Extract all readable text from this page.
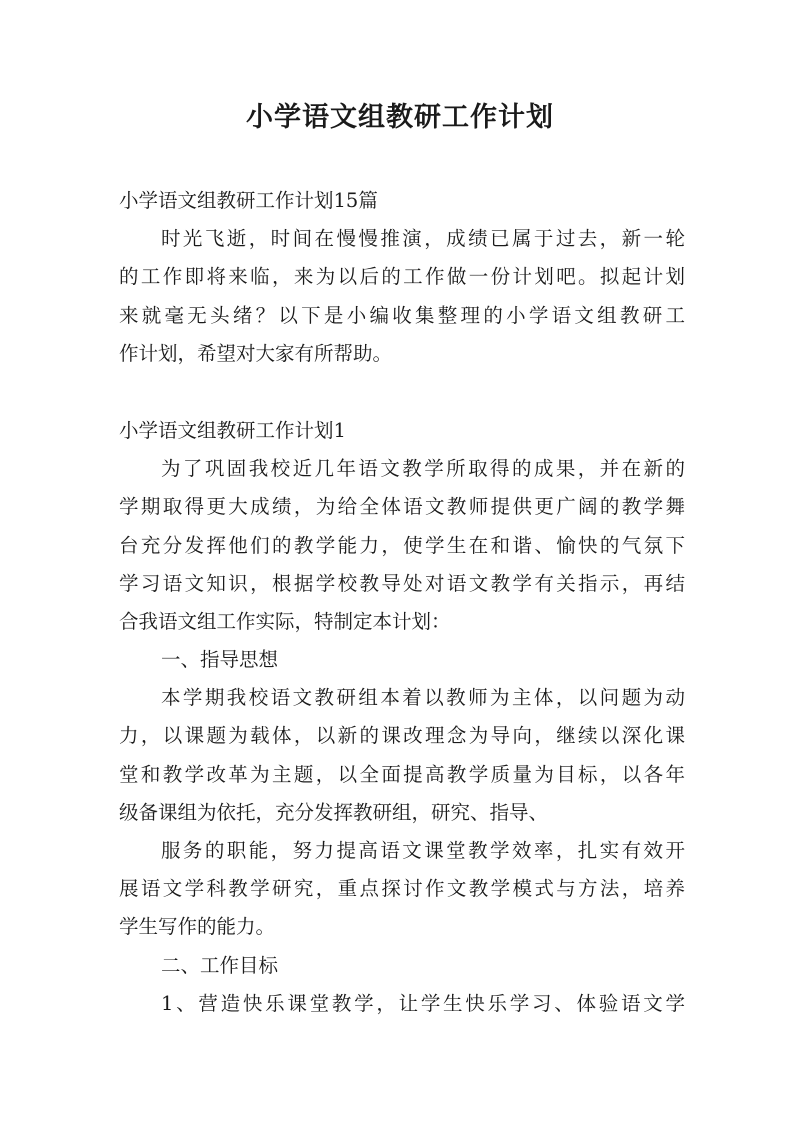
小学语文组教研工作计划
小学语文组教研工作计划15篇
时光飞逝，时间在慢慢推演，成绩已属于过去，新一轮
的工作即将来临，来为以后的工作做一份计划吧。拟起计划
来就毫无头绪？以下是小编收集整理的小学语文组教研工
作计划，希望对大家有所帮助。
小学语文组教研工作计划1
为了巩固我校近几年语文教学所取得的成果，并在新的
学期取得更大成绩，为给全体语文教师提供更广阔的教学舞
台充分发挥他们的教学能力，使学生在和谐、愉快的气氛下
学习语文知识，根据学校教导处对语文教学有关指示，再结
合我语文组工作实际，特制定本计划：
一、指导思想
本学期我校语文教研组本着以教师为主体，以问题为动
力，以课题为载体，以新的课改理念为导向，继续以深化课
堂和教学改革为主题，以全面提高教学质量为目标，以各年
级备课组为依托，充分发挥教研组，研究、指导、
服务的职能，努力提高语文课堂教学效率，扎实有效开
展语文学科教学研究，重点探讨作文教学模式与方法，培养
学生写作的能力。
二、工作目标
1、营造快乐课堂教学，让学生快乐学习、体验语文学
